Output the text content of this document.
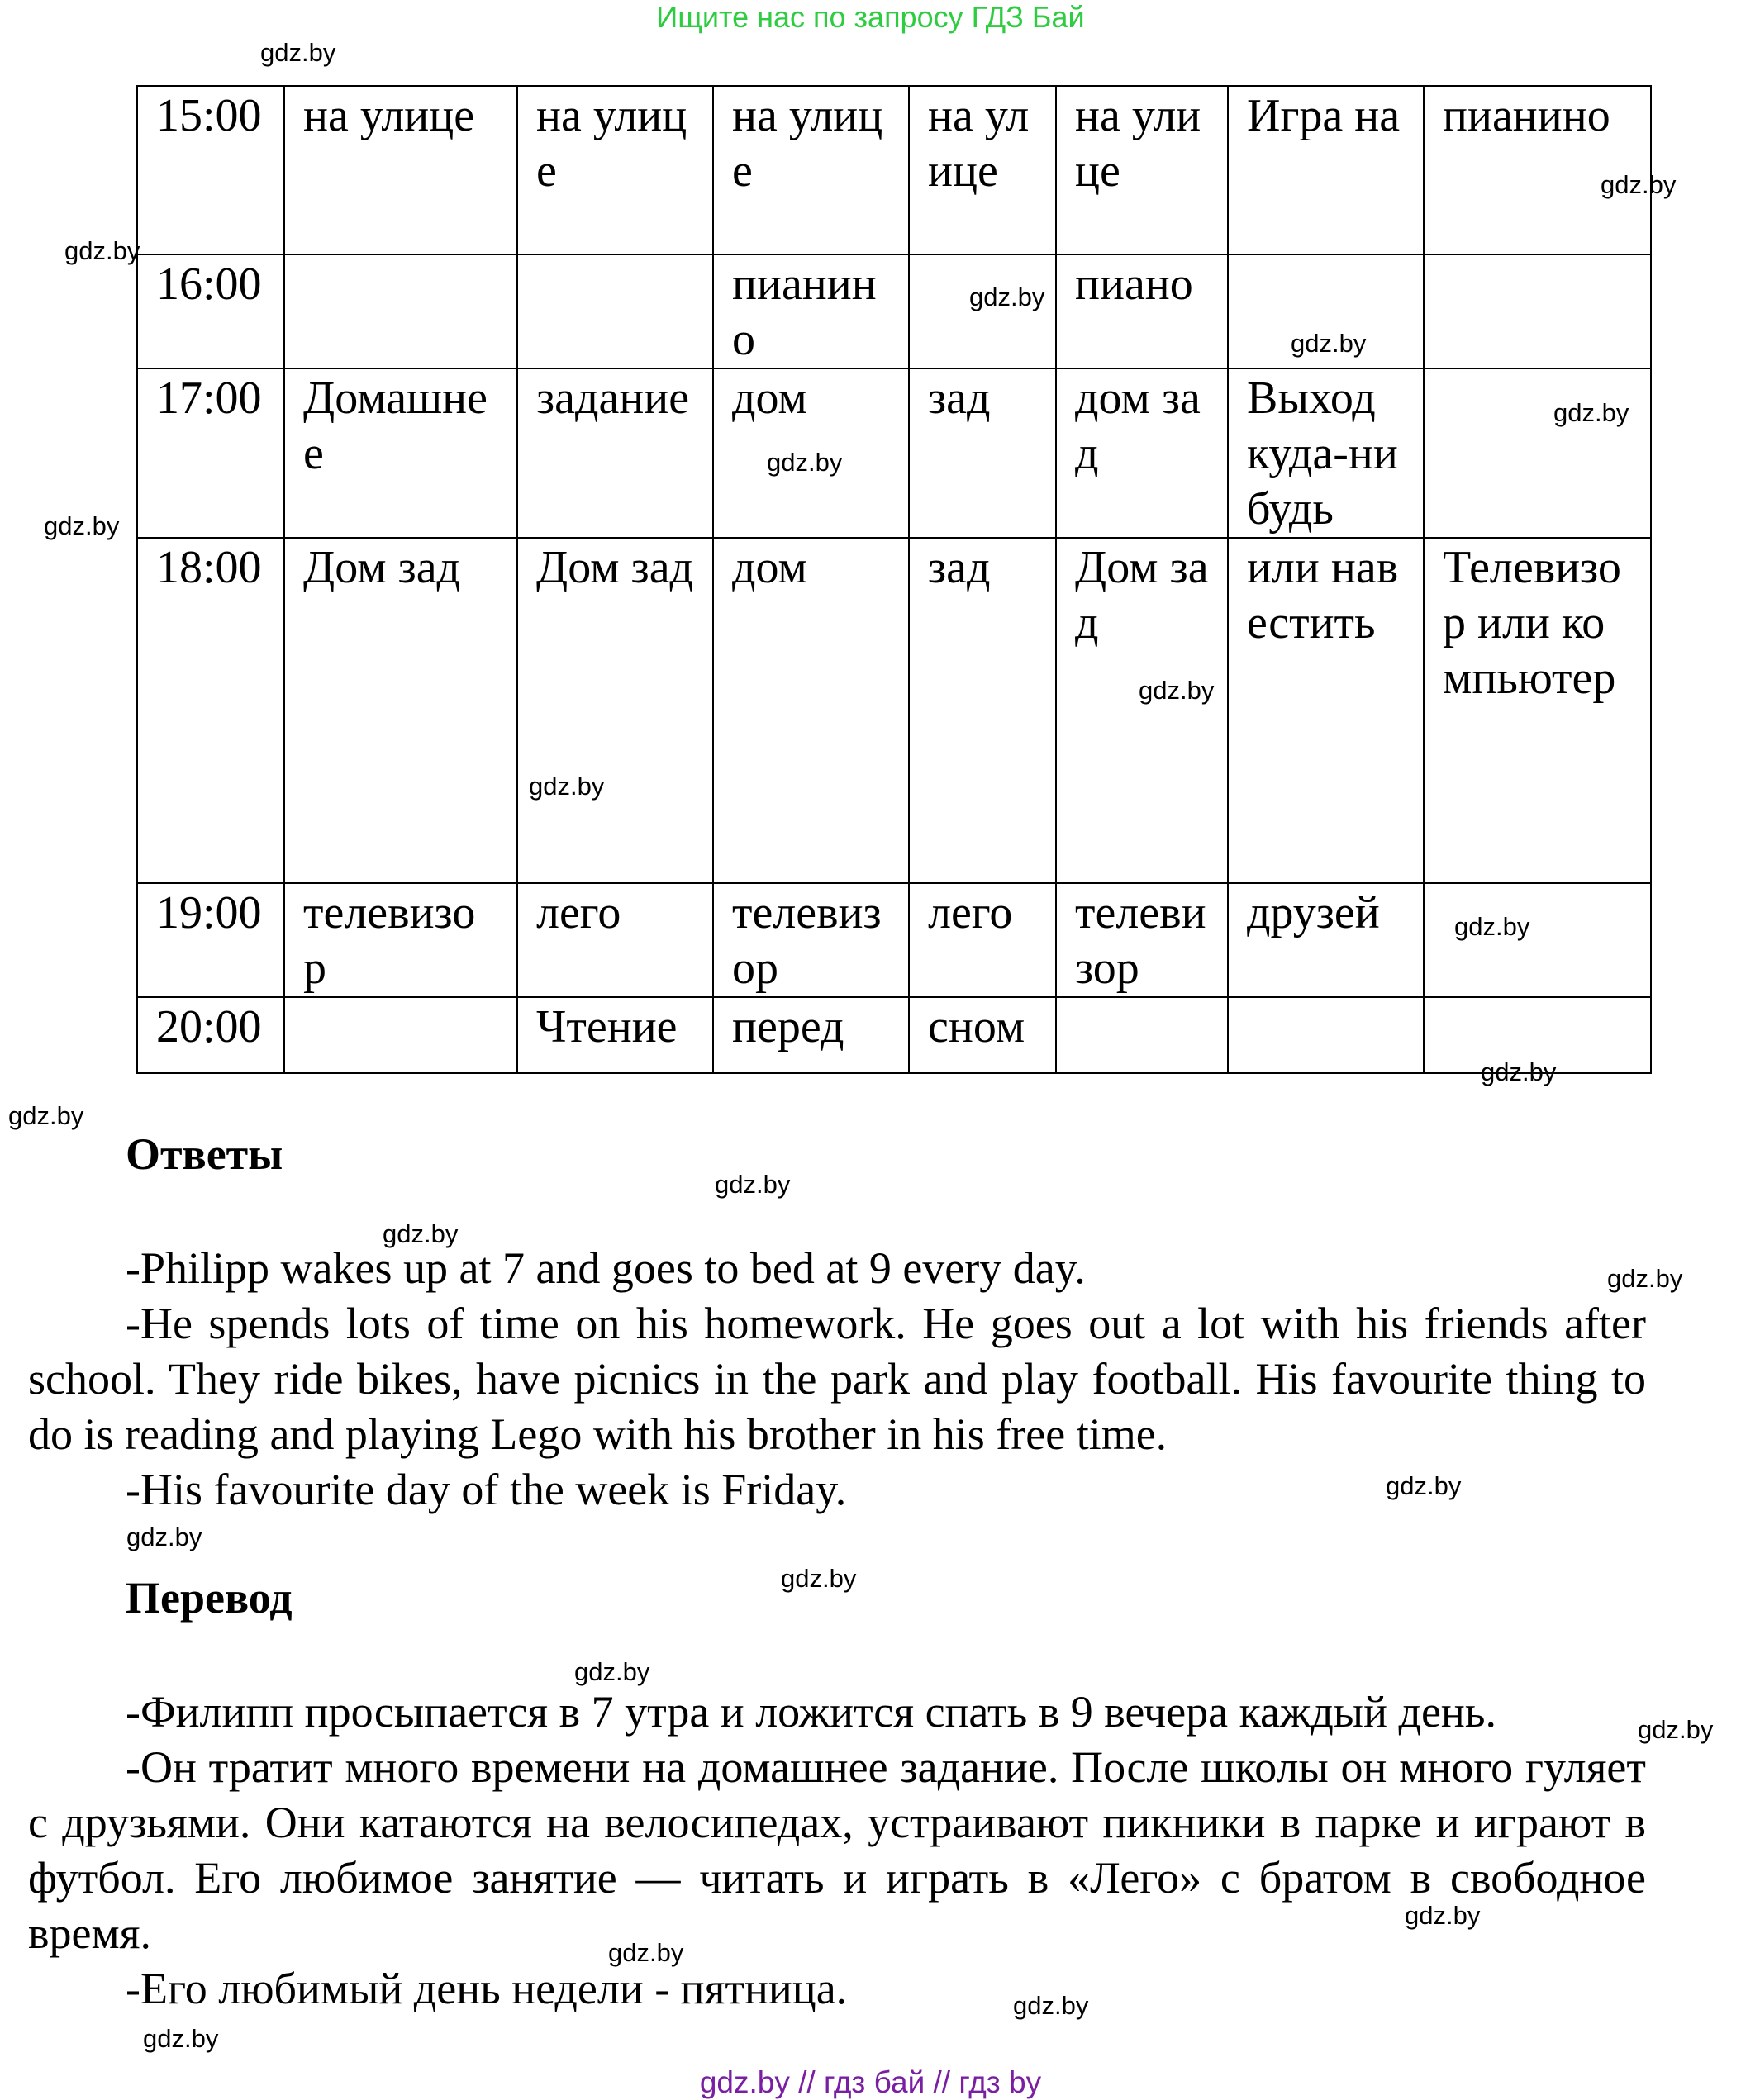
Ищите нас по запросу ГДЗ Бай
15:00	на улице	на улице	на улице	на улице	на улице	Игра на	пианино
16:00			пианино		пиано		
17:00	Домашнее	задание	дом	зад	дом зад	Выход куда-нибудь	
18:00	Дом зад	Дом зад	дом	зад	Дом зад	или навестить	Телевизор или компьютер
19:00	телевизор	лего	телевизор	лего	телевизор	друзей	
20:00		Чтение	перед	сном			
Ответы
-Philipp wakes up at 7 and goes to bed at 9 every day.
-He spends lots of time on his homework. He goes out a lot with his friends after school. They ride bikes, have picnics in the park and play football. His favourite thing to do is reading and playing Lego with his brother in his free time.
-His favourite day of the week is Friday.
Перевод
-Филипп просыпается в 7 утра и ложится спать в 9 вечера каждый день.
-Он тратит много времени на домашнее задание. После школы он много гуляет с друзьями. Они катаются на велосипедах, устраивают пикники в парке и играют в футбол. Его любимое занятие — читать и играть в «Лего» с братом в свободное время.
-Его любимый день недели - пятница.
gdz.by
gdz.by
gdz.by
gdz.by
gdz.by
gdz.by
gdz.by
gdz.by
gdz.by
gdz.by
gdz.by
gdz.by
gdz.by
gdz.by
gdz.by
gdz.by
gdz.by
gdz.by
gdz.by
gdz.by
gdz.by
gdz.by
gdz.by
gdz.by
gdz.by
gdz.by // гдз бай // гдз by
